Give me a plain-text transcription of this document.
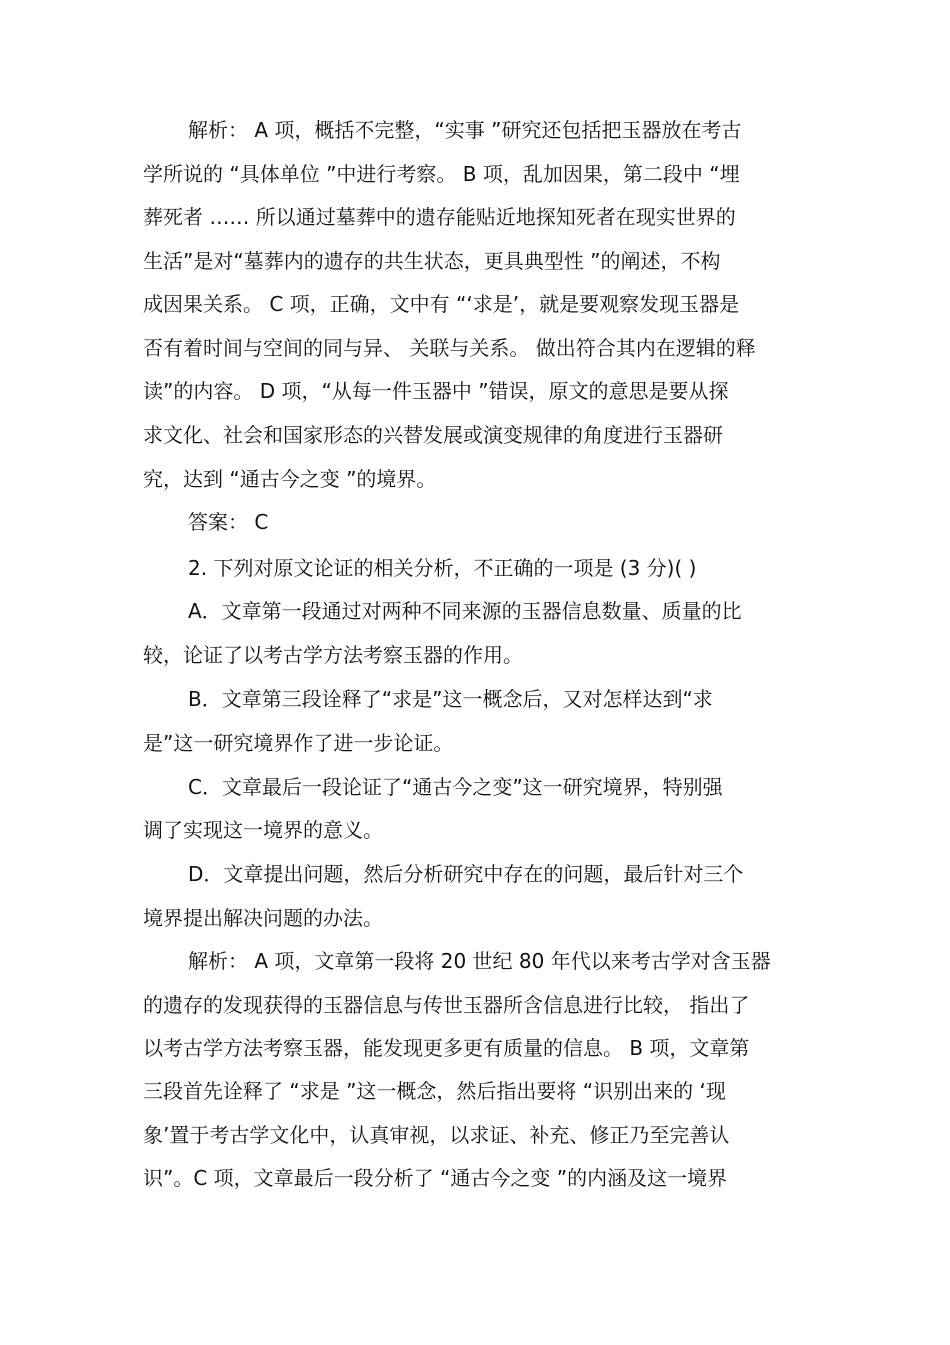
解析： A 项，概括不完整，“实事 ”研究还包括把玉器放在考古
学所说的 “具体单位 ”中进行考察。 B 项，乱加因果，第二段中 “埋
葬死者 …… 所以通过墓葬中的遗存能贴近地探知死者在现实世界的
生活”是对“墓葬内的遗存的共生状态，更具典型性 ”的阐述，不构
成因果关系。 C 项，正确，文中有 “‘求是’，就是要观察发现玉器是
否有着时间与空间的同与异、 关联与关系。 做出符合其内在逻辑的释
读”的内容。 D 项，“从每一件玉器中 ”错误，原文的意思是要从探
求文化、社会和国家形态的兴替发展或演变规律的角度进行玉器研
究，达到 “通古今之变 ”的境界。
答案： C
2. 下列对原文论证的相关分析，不正确的一项是 (3 分)( )
A．文章第一段通过对两种不同来源的玉器信息数量、质量的比
较，论证了以考古学方法考察玉器的作用。
B．文章第三段诠释了“求是”这一概念后，又对怎样达到“求
是”这一研究境界作了进一步论证。
C．文章最后一段论证了“通古今之变”这一研究境界，特别强
调了实现这一境界的意义。
D．文章提出问题，然后分析研究中存在的问题，最后针对三个
境界提出解决问题的办法。
解析： A 项，文章第一段将 20 世纪 80 年代以来考古学对含玉器
的遗存的发现获得的玉器信息与传世玉器所含信息进行比较， 指出了
以考古学方法考察玉器，能发现更多更有质量的信息。 B 项，文章第
三段首先诠释了 “求是 ”这一概念，然后指出要将 “识别出来的 ‘现
象’置于考古学文化中，认真审视，以求证、补充、修正乃至完善认
识”。C 项，文章最后一段分析了 “通古今之变 ”的内涵及这一境界
